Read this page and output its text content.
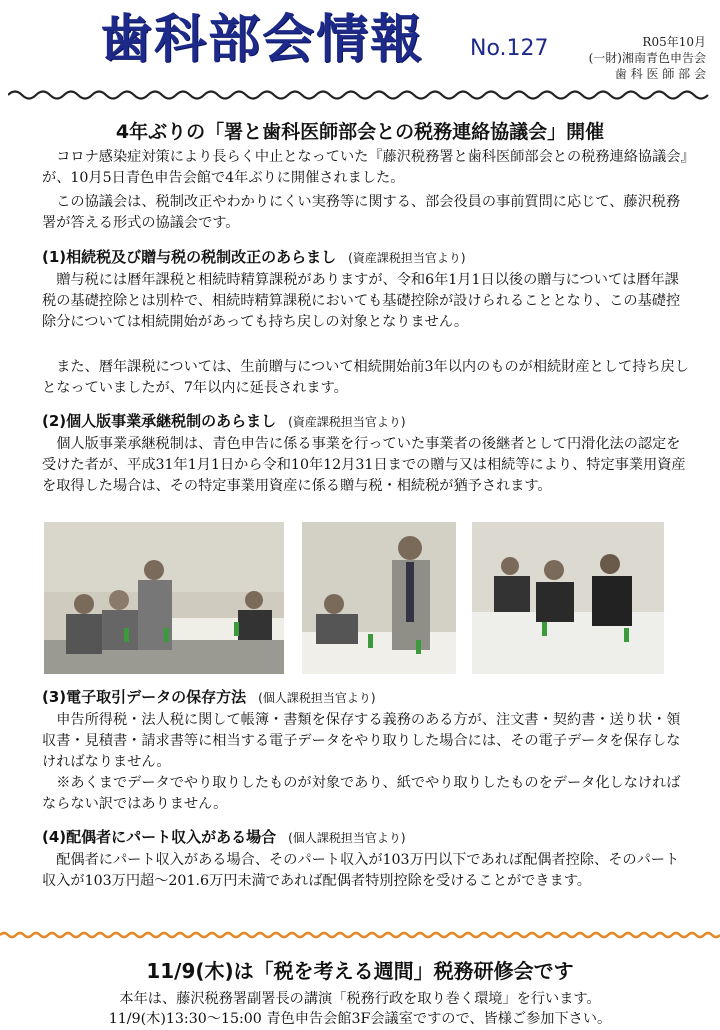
歯科部会情報 No.127	R05年10月
(一財)湘南青色申告会
歯 科 医 師 部 会
4年ぶりの「署と歯科医師部会との税務連絡協議会」開催

コロナ感染症対策により長らく中止となっていた『藤沢税務署と歯科医師部会との税務連絡協議会』が、10月5日青色申告会館で4年ぶりに開催されました。

この協議会は、税制改正やわかりにくい実務等に関する、部会役員の事前質問に応じて、藤沢税務署が答える形式の協議会です。

(1)相続税及び贈与税の税制改正のあらまし (資産課税担当官より)

贈与税には暦年課税と相続時精算課税がありますが、令和6年1月1日以後の贈与については暦年課税の基礎控除とは別枠で、相続時精算課税においても基礎控除が設けられることとなり、この基礎控除分については相続開始があっても持ち戻しの対象となりません。

また、暦年課税については、生前贈与について相続開始前3年以内のものが相続財産として持ち戻しとなっていましたが、7年以内に延長されます。

(2)個人版事業承継税制のあらまし (資産課税担当官より)

個人版事業承継税制は、青色申告に係る事業を行っていた事業者の後継者として円滑化法の認定を受けた者が、平成31年1月1日から令和10年12月31日までの贈与又は相続等により、特定事業用資産を取得した場合は、その特定事業用資産に係る贈与税・相続税が猶予されます。

(3)電子取引データの保存方法 (個人課税担当官より)

申告所得税・法人税に関して帳簿・書類を保存する義務のある方が、注文書・契約書・送り状・領収書・見積書・請求書等に相当する電子データをやり取りした場合には、その電子データを保存しなければなりません。

※あくまでデータでやり取りしたものが対象であり、紙でやり取りしたものをデータ化しなければならない訳ではありません。

(4)配偶者にパート収入がある場合 (個人課税担当官より)

配偶者にパート収入がある場合、そのパート収入が103万円以下であれば配偶者控除、そのパート収入が103万円超～201.6万円未満であれば配偶者特別控除を受けることができます。

11/9(木)は「税を考える週間」税務研修会です
本年は、藤沢税務署副署長の講演「税務行政を取り巻く環境」を行います。
11/9(木)13:30～15:00 青色申告会館3F会議室ですので、皆様ご参加下さい。
